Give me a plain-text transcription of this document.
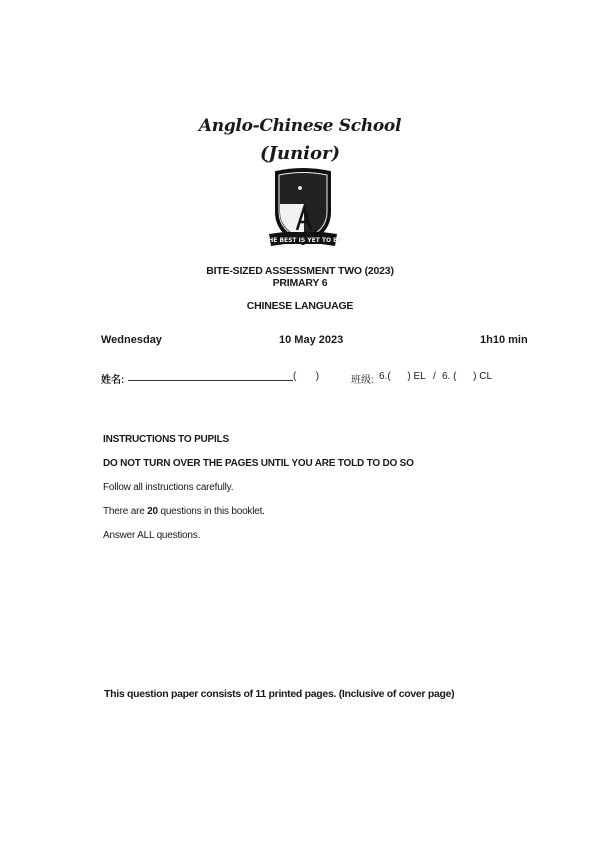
Anglo-Chinese School
(Junior)
THE BEST IS YET TO BE
BITE-SIZED ASSESSMENT TWO (2023)
PRIMARY 6
CHINESE LANGUAGE
Wednesday	10 May 2023	1h10 min
姓名:	(       )	班级: 6.(      ) EL / 6. (      ) CL
INSTRUCTIONS TO PUPILS
DO NOT TURN OVER THE PAGES UNTIL YOU ARE TOLD TO DO SO
Follow all instructions carefully.
There are 20 questions in this booklet.
Answer ALL questions.
This question paper consists of 11 printed pages. (Inclusive of cover page)
